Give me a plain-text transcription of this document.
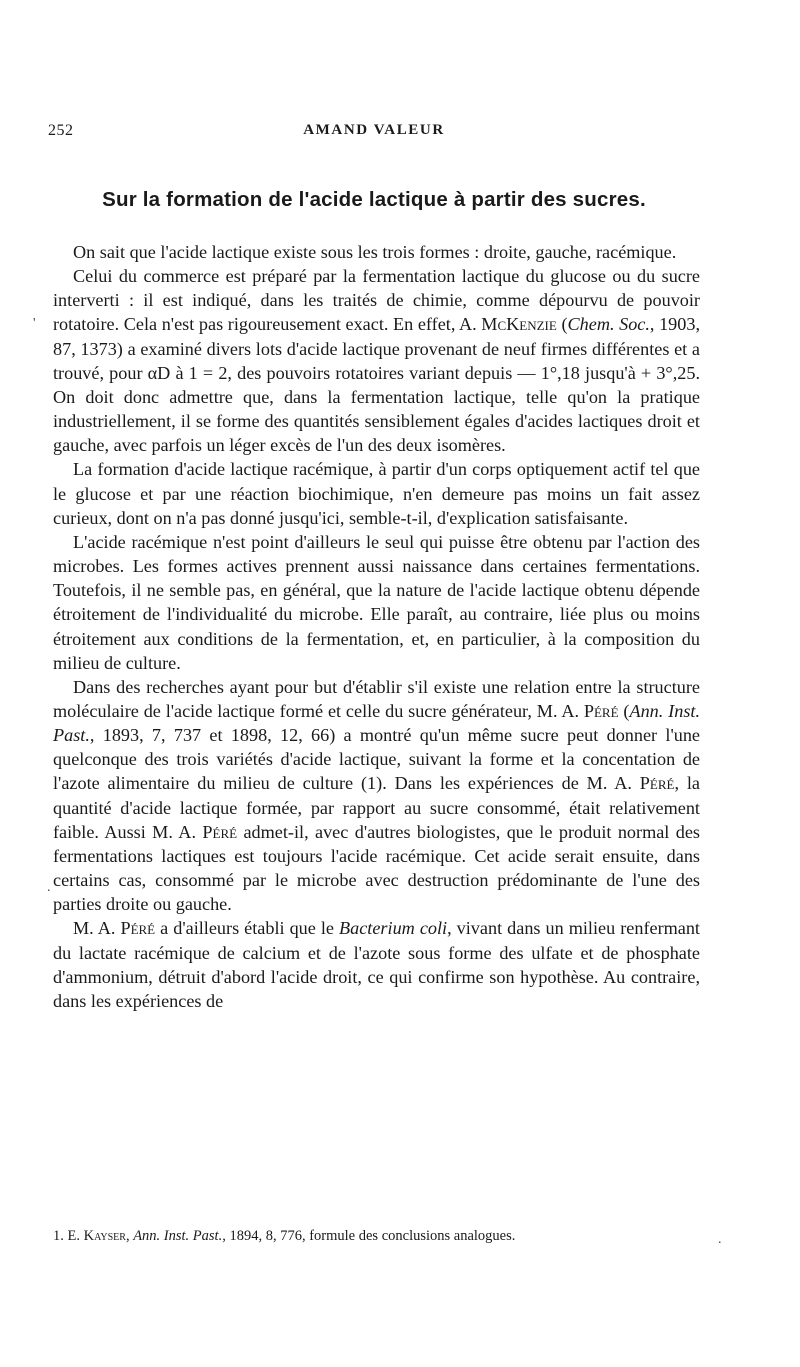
252	AMAND VALEUR
Sur la formation de l'acide lactique à partir des sucres.

On sait que l'acide lactique existe sous les trois formes : droite, gauche, racémique.

Celui du commerce est préparé par la fermentation lactique du glucose ou du sucre interverti : il est indiqué, dans les traités de chimie, comme dépourvu de pouvoir rotatoire. Cela n'est pas rigoureusement exact. En effet, A. McKenzie (Chem. Soc., 1903, 87, 1373) a examiné divers lots d'acide lactique provenant de neuf firmes différentes et a trouvé, pour αD à 1 = 2, des pouvoirs rotatoires variant depuis — 1°,18 jusqu'à + 3°,25. On doit donc admettre que, dans la fermentation lactique, telle qu'on la pratique industriellement, il se forme des quantités sensiblement égales d'acides lactiques droit et gauche, avec parfois un léger excès de l'un des deux isomères.

La formation d'acide lactique racémique, à partir d'un corps optiquement actif tel que le glucose et par une réaction biochimique, n'en demeure pas moins un fait assez curieux, dont on n'a pas donné jusqu'ici, semble-t-il, d'explication satisfaisante.

L'acide racémique n'est point d'ailleurs le seul qui puisse être obtenu par l'action des microbes. Les formes actives prennent aussi naissance dans certaines fermentations. Toutefois, il ne semble pas, en général, que la nature de l'acide lactique obtenu dépende étroitement de l'individualité du microbe. Elle paraît, au contraire, liée plus ou moins étroitement aux conditions de la fermentation, et, en particulier, à la composition du milieu de culture.

Dans des recherches ayant pour but d'établir s'il existe une relation entre la structure moléculaire de l'acide lactique formé et celle du sucre générateur, M. A. Péré (Ann. Inst. Past., 1893, 7, 737 et 1898, 12, 66) a montré qu'un même sucre peut donner l'une quelconque des trois variétés d'acide lactique, suivant la forme et la concentation de l'azote alimentaire du milieu de culture (1). Dans les expériences de M. A. Péré, la quantité d'acide lactique formée, par rapport au sucre consommé, était relativement faible. Aussi M. A. Péré admet-il, avec d'autres biologistes, que le produit normal des fermentations lactiques est toujours l'acide racémique. Cet acide serait ensuite, dans certains cas, consommé par le microbe avec destruction prédominante de l'une des parties droite ou gauche.

M. A. Péré a d'ailleurs établi que le Bacterium coli, vivant dans un milieu renfermant du lactate racémique de calcium et de l'azote sous forme des ulfate et de phosphate d'ammonium, détruit d'abord l'acide droit, ce qui confirme son hypothèse. Au contraire, dans les expériences de

1. E. Kayser, Ann. Inst. Past., 1894, 8, 776, formule des conclusions analogues.
'
.
.
